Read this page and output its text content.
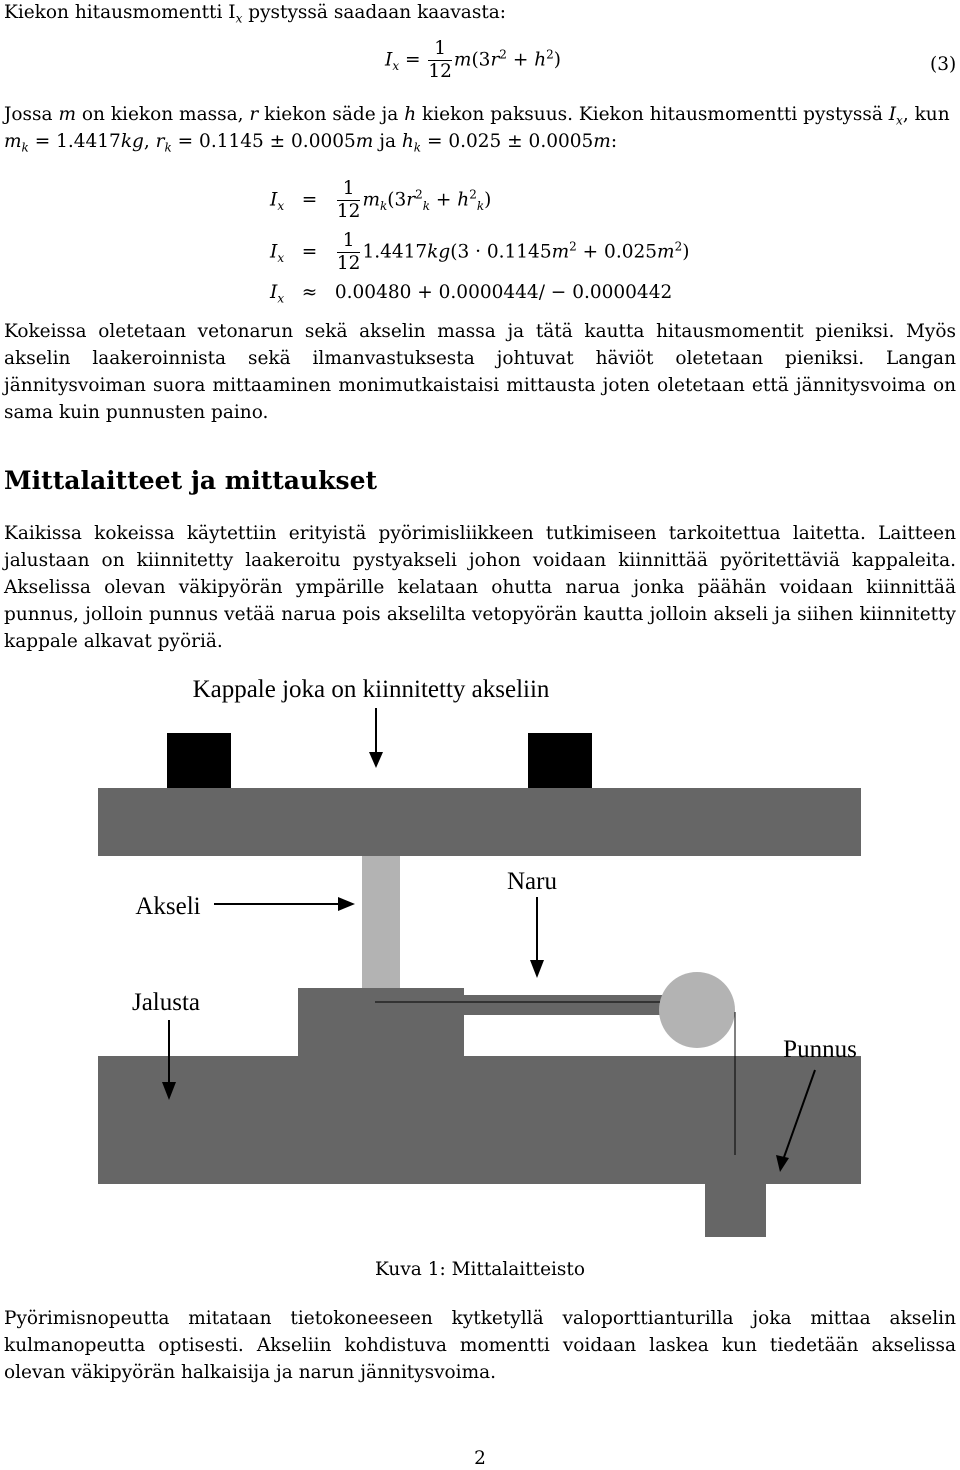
Kiekon hitausmomentti $I_x$ pystyssä saadaan kaavasta:
$I_x = \frac{1}{12} m(3r^2 + h^2)$	(3)
Jossa m on kiekon massa, r kiekon säde ja h kiekon paksuus. Kiekon hitausmomentti pystyssä $I_x$, kun
$m_k = 1.4417kg$, $r_k = 0.1145 \pm 0.0005m$ ja $h_k = 0.025 \pm 0.0005m$:
$I_x = \frac{1}{12} m_k(3r^2_k + h^2_k)$
$I_x = \frac{1}{12} 1.4417kg(3 \cdot 0.1145m^2 + 0.025m^2)$
$I_x \approx 0.00480 + 0.0000444/ - 0.0000442$
Kokeissa oletetaan vetonarun sekä akselin massa ja tätä kautta hitausmomentit pieniksi. Myös akselin laakeroinnista sekä ilmanvastuksesta johtuvat häviöt oletetaan pieniksi. Langan jännitysvoiman suora mittaaminen monimutkaistaisi mittausta joten oletetaan että jännitysvoima on sama kuin punnusten paino.
Mittalaitteet ja mittaukset
Kaikissa kokeissa käytettiin erityistä pyörimisliikkeen tutkimiseen tarkoitettua laitetta. Laitteen jalustaan on kiinnitetty laakeroitu pystyakseli johon voidaan kiinnittää pyöritettäviä kappaleita. Akselissa olevan väkipyörän ympärille kelataan ohutta narua jonka päähän voidaan kiinnittää punnus, jolloin punnus vetää narua pois akselilta vetopyörän kautta jolloin akseli ja siihen kiinnitetty kappale alkavat pyöriä.
Kappale joka on kiinnitetty akseliin
Akseli
Naru
Jalusta
Punnus
Kuva 1: Mittalaitteisto
Pyörimisnopeutta mitataan tietokoneeseen kytketyllä valoporttianturilla joka mittaa akselin kulmanopeutta optisesti. Akseliin kohdistuva momentti voidaan laskea kun tiedetään akselissa olevan väkipyörän halkaisija ja narun jännitysvoima.
2
